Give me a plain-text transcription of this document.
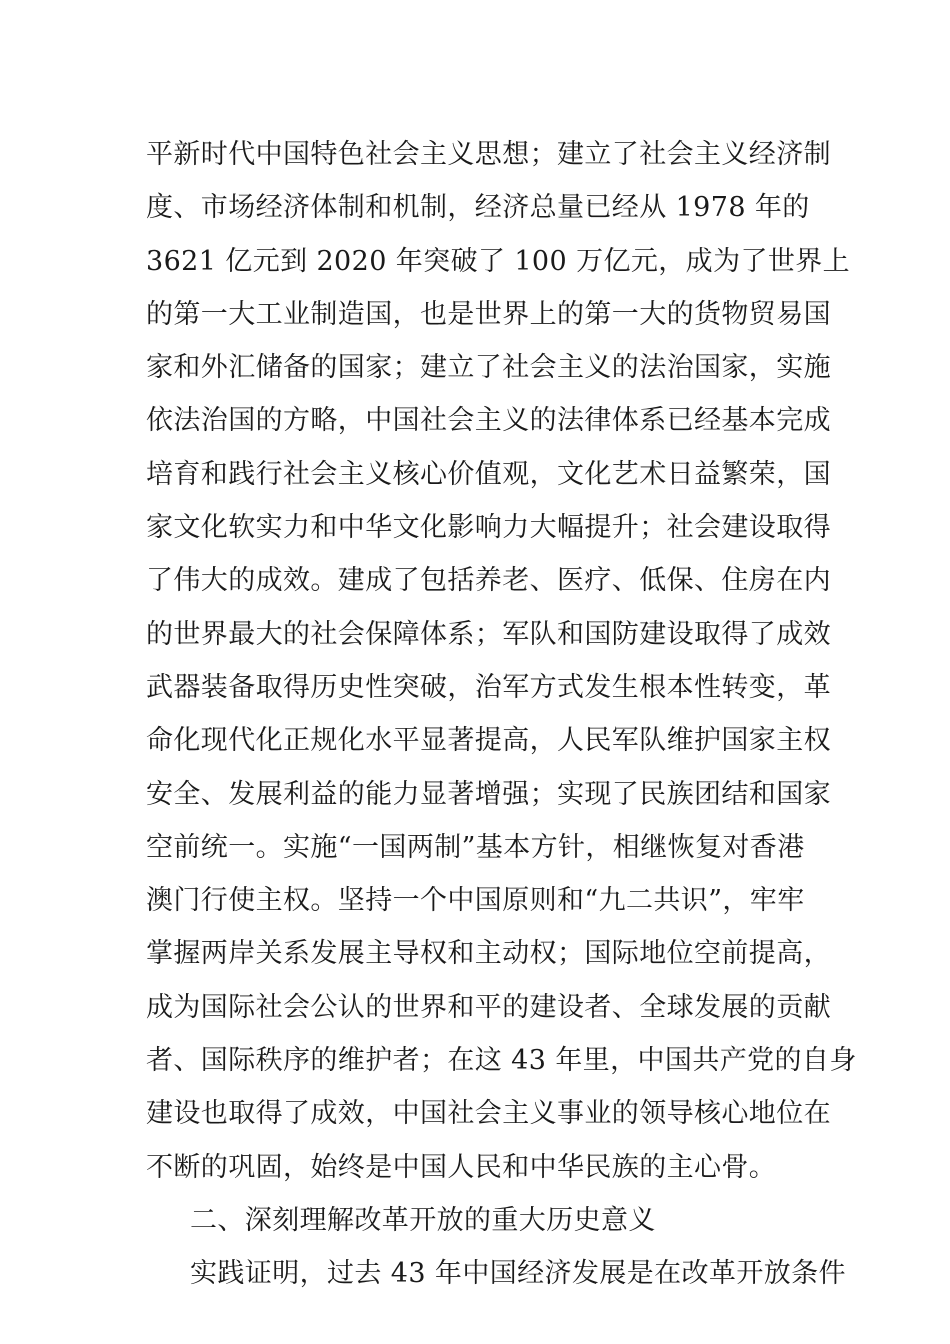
平新时代中国特色社会主义思想；建立了社会主义经济制
度、市场经济体制和机制，经济总量已经从 1978 年的
3621 亿元到 2020 年突破了 100 万亿元，成为了世界上
的第一大工业制造国，也是世界上的第一大的货物贸易国
家和外汇储备的国家；建立了社会主义的法治国家，实施
依法治国的方略，中国社会主义的法律体系已经基本完成
培育和践行社会主义核心价值观，文化艺术日益繁荣，国
家文化软实力和中华文化影响力大幅提升；社会建设取得
了伟大的成效。建成了包括养老、医疗、低保、住房在内
的世界最大的社会保障体系；军队和国防建设取得了成效
武器装备取得历史性突破，治军方式发生根本性转变，革
命化现代化正规化水平显著提高，人民军队维护国家主权
安全、发展利益的能力显著增强；实现了民族团结和国家
空前统一。实施“一国两制”基本方针，相继恢复对香港
澳门行使主权。坚持一个中国原则和“九二共识”，牢牢
掌握两岸关系发展主导权和主动权；国际地位空前提高，
成为国际社会公认的世界和平的建设者、全球发展的贡献
者、国际秩序的维护者；在这 43 年里，中国共产党的自身
建设也取得了成效，中国社会主义事业的领导核心地位在
不断的巩固，始终是中国人民和中华民族的主心骨。
二、深刻理解改革开放的重大历史意义
实践证明，过去 43 年中国经济发展是在改革开放条件
